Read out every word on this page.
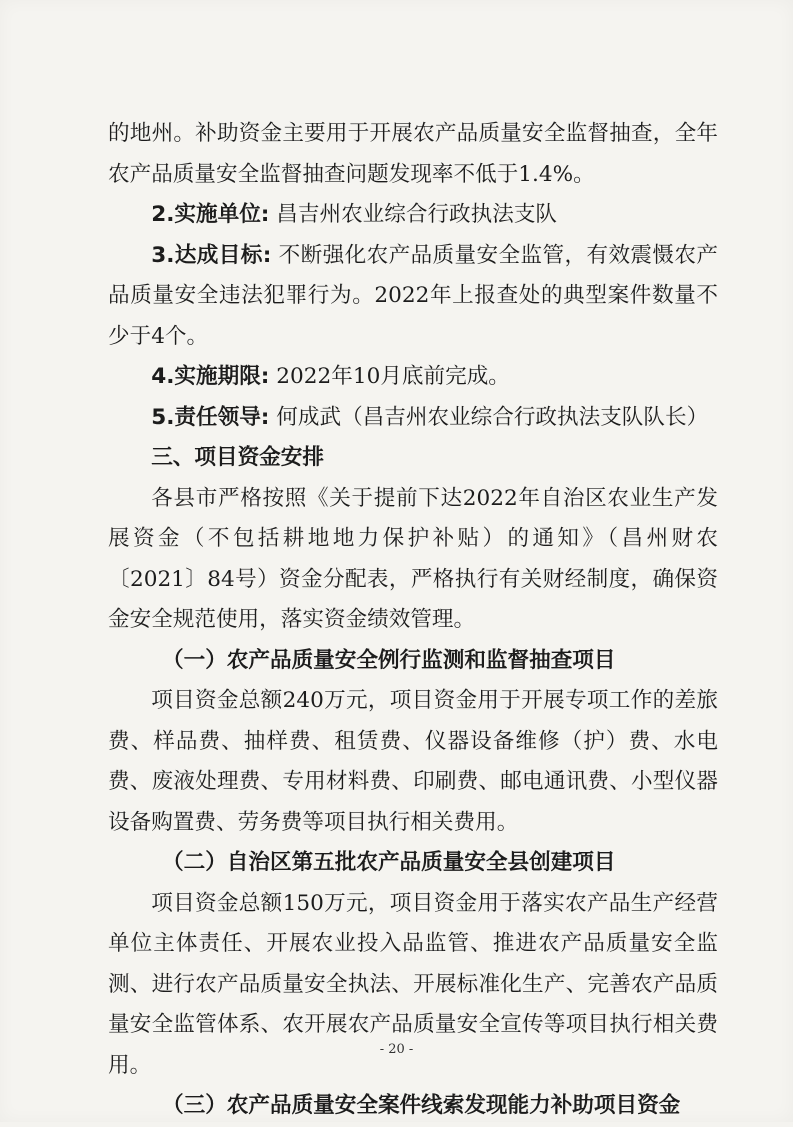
的地州。补助资金主要用于开展农产品质量安全监督抽查，全年农产品质量安全监督抽查问题发现率不低于1.4%。

2.实施单位: 昌吉州农业综合行政执法支队

3.达成目标: 不断强化农产品质量安全监管，有效震慑农产品质量安全违法犯罪行为。2022年上报查处的典型案件数量不少于4个。

4.实施期限: 2022年10月底前完成。

5.责任领导: 何成武（昌吉州农业综合行政执法支队队长）

三、项目资金安排

各县市严格按照《关于提前下达2022年自治区农业生产发展资金（不包括耕地地力保护补贴）的通知》（昌州财农〔2021〕84号）资金分配表，严格执行有关财经制度，确保资金安全规范使用，落实资金绩效管理。

（一）农产品质量安全例行监测和监督抽查项目

项目资金总额240万元，项目资金用于开展专项工作的差旅费、样品费、抽样费、租赁费、仪器设备维修（护）费、水电费、废液处理费、专用材料费、印刷费、邮电通讯费、小型仪器设备购置费、劳务费等项目执行相关费用。

（二）自治区第五批农产品质量安全县创建项目

项目资金总额150万元，项目资金用于落实农产品生产经营单位主体责任、开展农业投入品监管、推进农产品质量安全监测、进行农产品质量安全执法、开展标准化生产、完善农产品质量安全监管体系、农开展农产品质量安全宣传等项目执行相关费用。

（三）农产品质量安全案件线索发现能力补助项目资金

- 20 -
